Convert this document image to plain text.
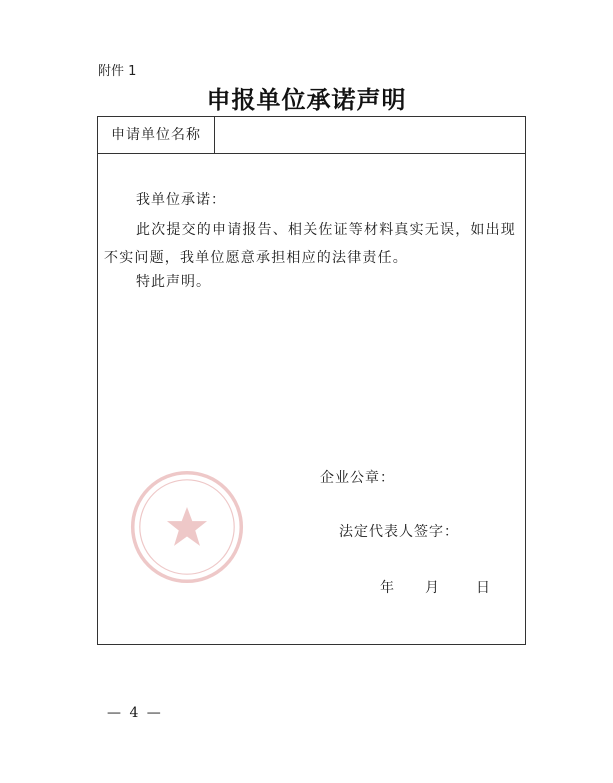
附件 1
申报单位承诺声明
申请单位名称
我单位承诺：

此次提交的申请报告、相关佐证等材料真实无误，如出现不实问题，我单位愿意承担相应的法律责任。

特此声明。
企业公章：
法定代表人签字：
年 月	日
— 4 —
